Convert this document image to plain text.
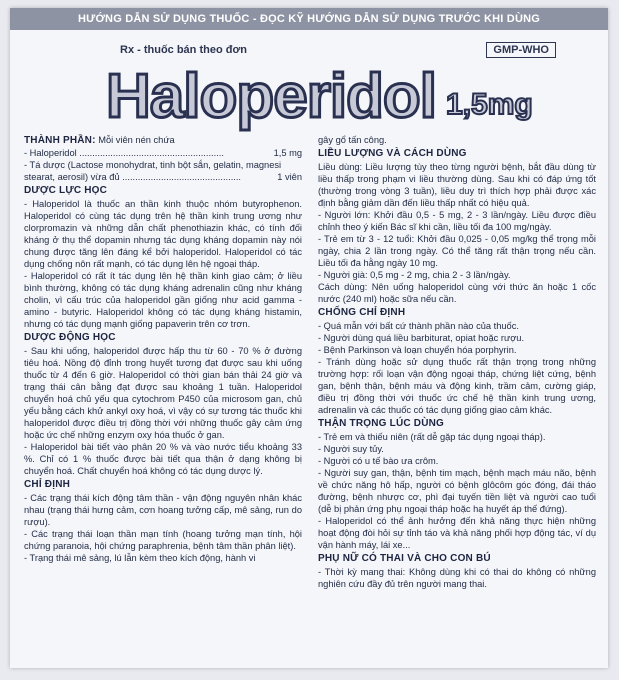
HƯỚNG DẪN SỬ DỤNG THUỐC - ĐỌC KỸ HƯỚNG DẪN SỬ DỤNG TRƯỚC KHI DÙNG
Rx - thuốc bán theo đơn	GMP-WHO
Haloperidol 1,5mg
THÀNH PHẦN: Mỗi viên nén chứa
- Haloperidol ........................................................	1,5 mg

- Tá dược (Lactose monohydrat, tinh bột sắn, gelatin, magnesi

stearat, aerosil) vừa đủ ..............................................	1 viên
DƯỢC LỰC HỌC

- Haloperidol là thuốc an thần kinh thuộc nhóm butyrophenon. Haloperidol có cùng tác dụng trên hệ thần kinh trung ương như clorpromazin và những dẫn chất phenothiazin khác, có tính đối kháng ở thụ thể dopamin nhưng tác dụng kháng dopamin này nói chung được tăng lên đáng kể bởi haloperidol. Haloperidol có tác dụng chống nôn rất mạnh, có tác dụng lên hệ ngoại tháp.

- Haloperidol có rất ít tác dụng lên hệ thần kinh giao cảm; ở liều bình thường, không có tác dụng kháng adrenalin cũng như kháng cholin, vì cấu trúc của haloperidol gần giống như acid gamma - amino - butyric. Haloperidol không có tác dụng kháng histamin, nhưng có tác dụng mạnh giống papaverin trên cơ trơn.

DƯỢC ĐỘNG HỌC

- Sau khi uống, haloperidol được hấp thu từ 60 - 70 % ở đường tiêu hoá. Nồng độ đỉnh trong huyết tương đạt được sau khi uống thuốc từ 4 đến 6 giờ. Haloperidol có thời gian bán thải 24 giờ và trạng thái cân bằng đạt được sau khoảng 1 tuần. Haloperidol chuyển hoá chủ yếu qua cytochrom P450 của microsom gan, chủ yếu bằng cách khử ankyl oxy hoá, vì vậy có sự tương tác thuốc khi haloperidol được điều trị đồng thời với những thuốc gây cảm ứng hoặc ức chế những enzym oxy hóa thuốc ở gan.

- Haloperidol bài tiết vào phân 20 % và vào nước tiểu khoảng 33 %. Chỉ có 1 % thuốc được bài tiết qua thận ở dạng không bị chuyển hoá. Chất chuyển hoá không có tác dụng dược lý.

CHỈ ĐỊNH

- Các trạng thái kích động tâm thần - vận động nguyên nhân khác nhau (trạng thái hưng cảm, cơn hoang tưởng cấp, mê sảng, run do rượu).

- Các trạng thái loạn thần mạn tính (hoang tưởng mạn tính, hội chứng paranoia, hội chứng paraphrenia, bệnh tâm thần phân liệt).

- Trạng thái mê sảng, lú lẫn kèm theo kích động, hành vi

gây gổ tấn công.

LIỀU LƯỢNG VÀ CÁCH DÙNG

Liều dùng: Liều lượng tùy theo từng người bệnh, bắt đầu dùng từ liều thấp trong phạm vi liều thường dùng. Sau khi có đáp ứng tốt (thường trong vòng 3 tuần), liều duy trì thích hợp phải được xác định bằng giảm dần đến liều thấp nhất có hiệu quả.

- Người lớn: Khởi đầu 0,5 - 5 mg, 2 - 3 lần/ngày. Liều được điều chỉnh theo ý kiến Bác sĩ khi cần, liều tối đa 100 mg/ngày.

- Trẻ em từ 3 - 12 tuổi: Khởi đầu 0,025 - 0,05 mg/kg thể trọng mỗi ngày, chia 2 lần trong ngày. Có thể tăng rất thận trọng nếu cần. Liều tối đa hằng ngày 10 mg.

- Người già: 0,5 mg - 2 mg, chia 2 - 3 lần/ngày.

Cách dùng: Nên uống haloperidol cùng với thức ăn hoặc 1 cốc nước (240 ml) hoặc sữa nếu cần.

CHỐNG CHỈ ĐỊNH

- Quá mẫn với bất cứ thành phần nào của thuốc.

- Người dùng quá liều barbiturat, opiat hoặc rượu.

- Bệnh Parkinson và loạn chuyển hóa porphyrin.

- Tránh dùng hoặc sử dụng thuốc rất thận trọng trong những trường hợp: rối loạn vận động ngoại tháp, chứng liệt cứng, bệnh gan, bệnh thận, bệnh máu và động kinh, trầm cảm, cường giáp, điều trị đồng thời với thuốc ức chế hệ thần kinh trung ương, adrenalin và các thuốc có tác dụng giống giao cảm khác.

THẬN TRỌNG LÚC DÙNG

- Trẻ em và thiếu niên (rất dễ gặp tác dụng ngoại tháp).

- Người suy tủy.

- Người có u tế bào ưa crôm.

- Người suy gan, thận, bệnh tim mạch, bệnh mạch máu não, bệnh về chức năng hô hấp, người có bệnh glôcôm góc đóng, đái tháo đường, bệnh nhược cơ, phì đại tuyến tiền liệt và người cao tuổi (dễ bị phản ứng phụ ngoại tháp hoặc hạ huyết áp thế đứng).

- Haloperidol có thể ảnh hưởng đến khả năng thực hiện những hoạt động đòi hỏi sự tỉnh táo và khả năng phối hợp động tác, ví dụ vận hành máy, lái xe...

PHỤ NỮ CÓ THAI VÀ CHO CON BÚ

- Thời kỳ mang thai: Không dùng khi có thai do không có những nghiên cứu đầy đủ trên người mang thai.
